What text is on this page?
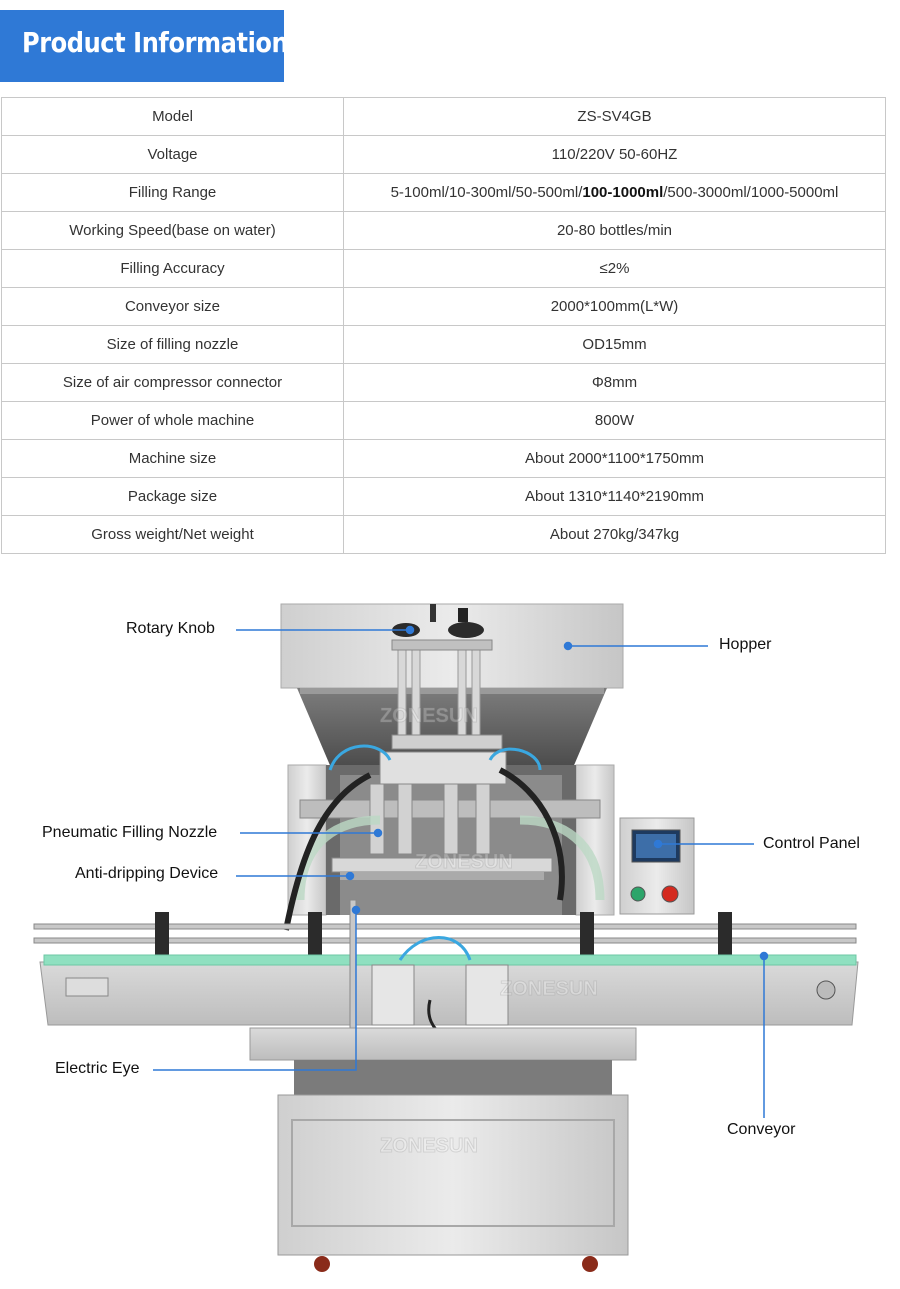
Product Information
Model	ZS-SV4GB
Voltage	110/220V 50-60HZ
Filling Range	5-100ml/10-300ml/50-500ml/100-1000ml/500-3000ml/1000-5000ml
Working Speed(base on water)	20-80 bottles/min
Filling Accuracy	≤2%
Conveyor size	2000*100mm(L*W)
Size of filling nozzle	OD15mm
Size of air compressor connector	Φ8mm
Power of whole machine	800W
Machine size	About 2000*1100*1750mm
Package size	About 1310*1140*2190mm
Gross weight/Net weight	About 270kg/347kg
ZONESUN
ZONESUN
ZONESUN
ZONESUN
Rotary Knob
Hopper
Pneumatic Filling Nozzle
Control Panel
Anti-dripping Device
Electric Eye
Conveyor
